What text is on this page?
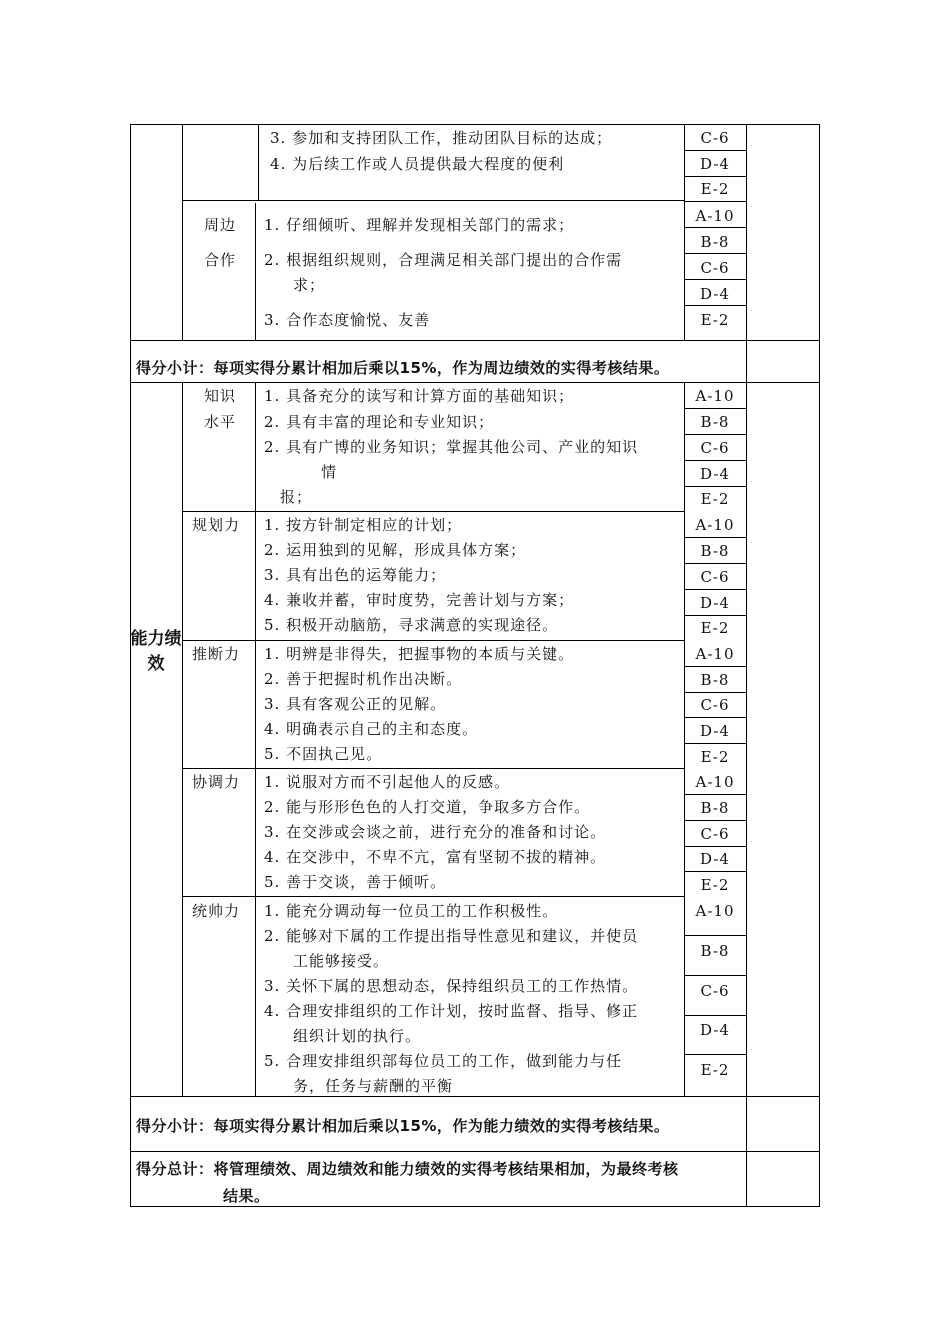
3. 参加和支持团队工作，推动团队目标的达成；
4. 为后续工作或人员提供最大程度的便利
C-6
D-4
E-2
周边
合作
1. 仔细倾听、理解并发现相关部门的需求；
2. 根据组织规则，合理满足相关部门提出的合作需
求；
3. 合作态度愉悦、友善
A-10
B-8
C-6
D-4
E-2
得分小计：每项实得分累计相加后乘以15%，作为周边绩效的实得考核结果。
能力绩效
知识
水平
1. 具备充分的读写和计算方面的基础知识；
2. 具有丰富的理论和专业知识；
2. 具有广博的业务知识；掌握其他公司、产业的知识
情
报；
A-10
B-8
C-6
D-4
E-2
规划力 1. 按方针制定相应的计划；
2. 运用独到的见解，形成具体方案；
3. 具有出色的运筹能力；
4. 兼收并蓄，审时度势，完善计划与方案；
5. 积极开动脑筋，寻求满意的实现途径。
A-10
B-8
C-6
D-4
E-2
推断力 1. 明辨是非得失，把握事物的本质与关键。
2. 善于把握时机作出决断。
3. 具有客观公正的见解。
4. 明确表示自己的主和态度。
5. 不固执己见。
A-10
B-8
C-6
D-4
E-2
协调力 1. 说服对方而不引起他人的反感。
2. 能与形形色色的人打交道，争取多方合作。
3. 在交涉或会谈之前，进行充分的准备和讨论。
4. 在交涉中，不卑不亢，富有坚韧不拔的精神。
5. 善于交谈，善于倾听。
A-10
B-8
C-6
D-4
E-2
统帅力 1. 能充分调动每一位员工的工作积极性。
2. 能够对下属的工作提出指导性意见和建议，并使员
工能够接受。
3. 关怀下属的思想动态，保持组织员工的工作热情。
4. 合理安排组织的工作计划，按时监督、指导、修正
组织计划的执行。
5. 合理安排组织部每位员工的工作，做到能力与任
务，任务与薪酬的平衡
A-10
B-8
C-6
D-4
E-2
得分小计：每项实得分累计相加后乘以15%，作为能力绩效的实得考核结果。
得分总计：将管理绩效、周边绩效和能力绩效的实得考核结果相加，为最终考核
结果。
